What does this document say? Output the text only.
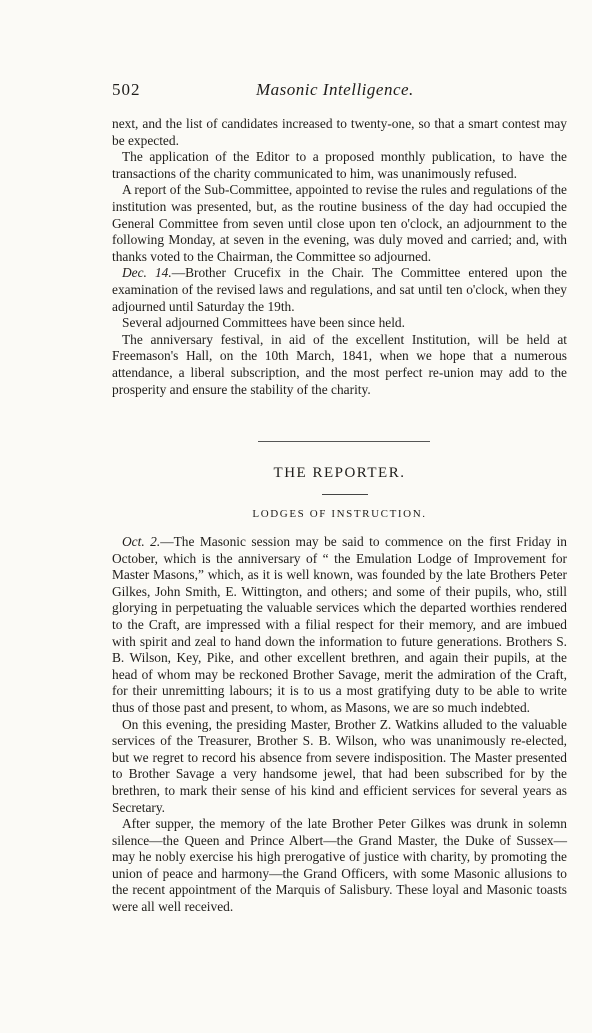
502	Masonic Intelligence.

next, and the list of candidates increased to twenty-one, so that a smart contest may be expected.

The application of the Editor to a proposed monthly publication, to have the transactions of the charity communicated to him, was unanimously refused.

A report of the Sub-Committee, appointed to revise the rules and regulations of the institution was presented, but, as the routine business of the day had occupied the General Committee from seven until close upon ten o'clock, an adjournment to the following Monday, at seven in the evening, was duly moved and carried; and, with thanks voted to the Chairman, the Committee so adjourned.

Dec. 14.—Brother Crucefix in the Chair. The Committee entered upon the examination of the revised laws and regulations, and sat until ten o'clock, when they adjourned until Saturday the 19th.

Several adjourned Committees have been since held.

The anniversary festival, in aid of the excellent Institution, will be held at Freemason's Hall, on the 10th March, 1841, when we hope that a numerous attendance, a liberal subscription, and the most perfect re-union may add to the prosperity and ensure the stability of the charity.

THE REPORTER.
LODGES OF INSTRUCTION.

Oct. 2.—The Masonic session may be said to commence on the first Friday in October, which is the anniversary of “ the Emulation Lodge of Improvement for Master Masons,” which, as it is well known, was founded by the late Brothers Peter Gilkes, John Smith, E. Wittington, and others; and some of their pupils, who, still glorying in perpetuating the valuable services which the departed worthies rendered to the Craft, are impressed with a filial respect for their memory, and are imbued with spirit and zeal to hand down the information to future generations. Brothers S. B. Wilson, Key, Pike, and other excellent brethren, and again their pupils, at the head of whom may be reckoned Brother Savage, merit the admiration of the Craft, for their unremitting labours; it is to us a most gratifying duty to be able to write thus of those past and present, to whom, as Masons, we are so much indebted.

On this evening, the presiding Master, Brother Z. Watkins alluded to the valuable services of the Treasurer, Brother S. B. Wilson, who was unanimously re-elected, but we regret to record his absence from severe indisposition. The Master presented to Brother Savage a very handsome jewel, that had been subscribed for by the brethren, to mark their sense of his kind and efficient services for several years as Secretary.

After supper, the memory of the late Brother Peter Gilkes was drunk in solemn silence—the Queen and Prince Albert—the Grand Master, the Duke of Sussex—may he nobly exercise his high prerogative of justice with charity, by promoting the union of peace and harmony—the Grand Officers, with some Masonic allusions to the recent appointment of the Marquis of Salisbury. These loyal and Masonic toasts were all well received.
